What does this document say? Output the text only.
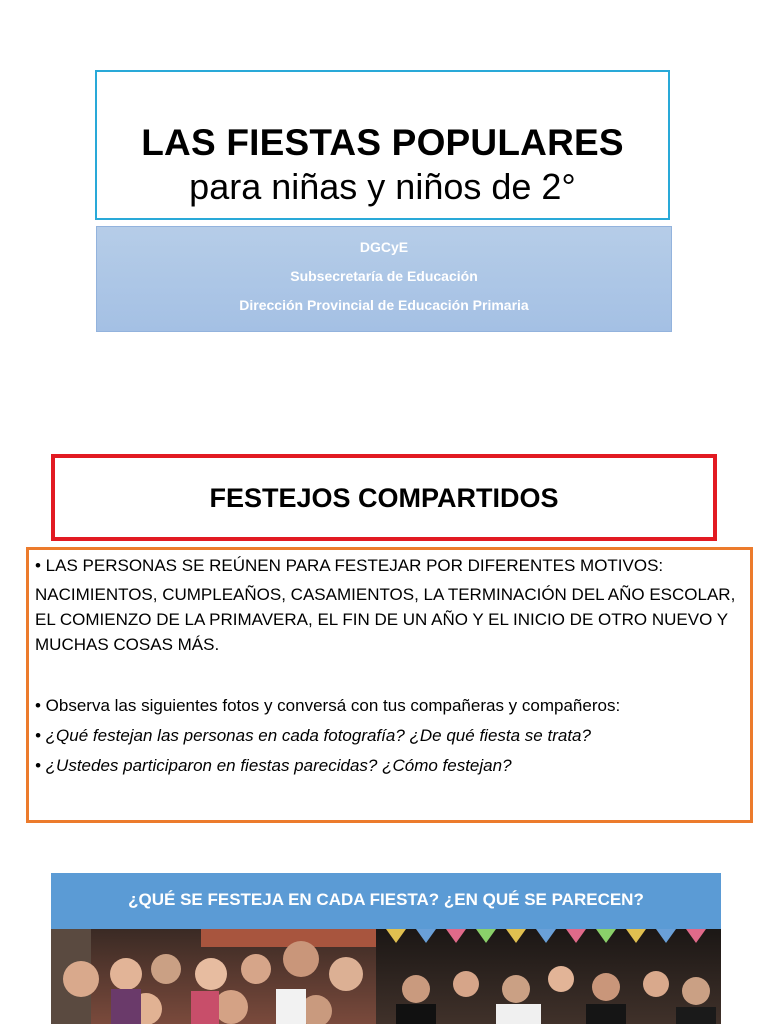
LAS FIESTAS POPULARES
para niñas y niños de 2°
DGCyE
Subsecretaría de Educación
Dirección Provincial de Educación Primaria
FESTEJOS COMPARTIDOS

• LAS PERSONAS SE REÚNEN PARA FESTEJAR POR DIFERENTES MOTIVOS:

NACIMIENTOS, CUMPLEAÑOS, CASAMIENTOS, LA TERMINACIÓN DEL AÑO ESCOLAR, EL COMIENZO DE LA PRIMAVERA, EL FIN DE UN AÑO Y EL INICIO DE OTRO NUEVO Y MUCHAS COSAS MÁS.

• Observa las siguientes fotos y conversá con tus compañeras y compañeros:

• ¿Qué festejan las personas en cada fotografía? ¿De qué fiesta se trata?

• ¿Ustedes participaron en fiestas parecidas? ¿Cómo festejan?

¿QUÉ SE FESTEJA EN CADA FIESTA? ¿EN QUÉ SE PARECEN?
